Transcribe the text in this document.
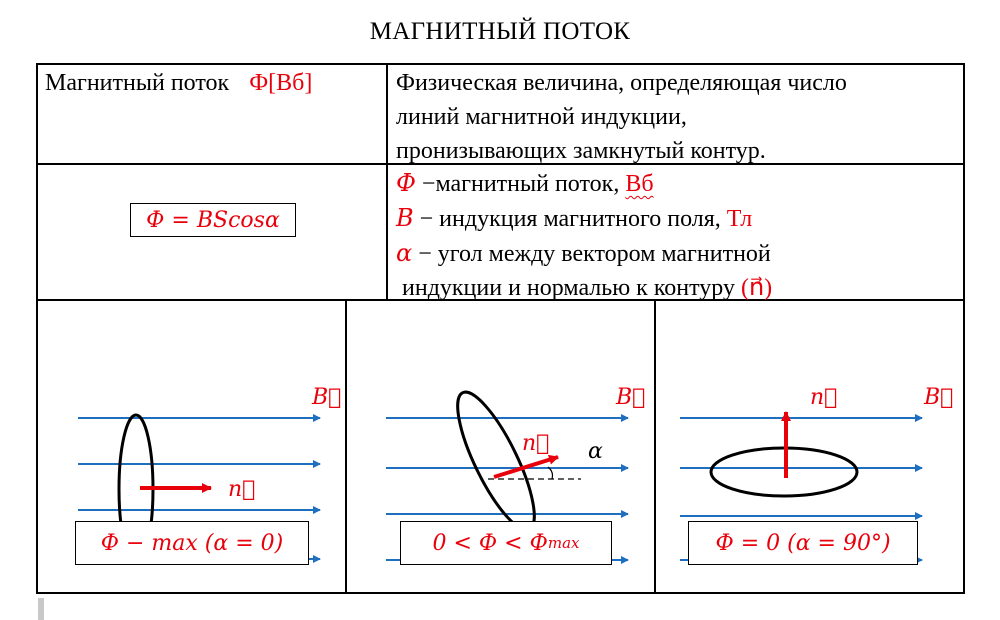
МАГНИТНЫЙ ПОТОК
Магнитный поток Ф[Вб]	Физическая величина, определяющая число
линий магнитной индукции,
пронизывающих замкнутый контур.
Ф = BScosα
Ф −магнитный поток, Вб
B − индукция магнитного поля, Тл
α − угол между вектором магнитной
индукции и нормалью к контуру (n⃗)
B⃗
n⃗
B⃗
n⃗ α
B⃗
n⃗
Ф − max (α = 0)	0 < Ф < Ф max	Ф = 0 (α = 90°)
